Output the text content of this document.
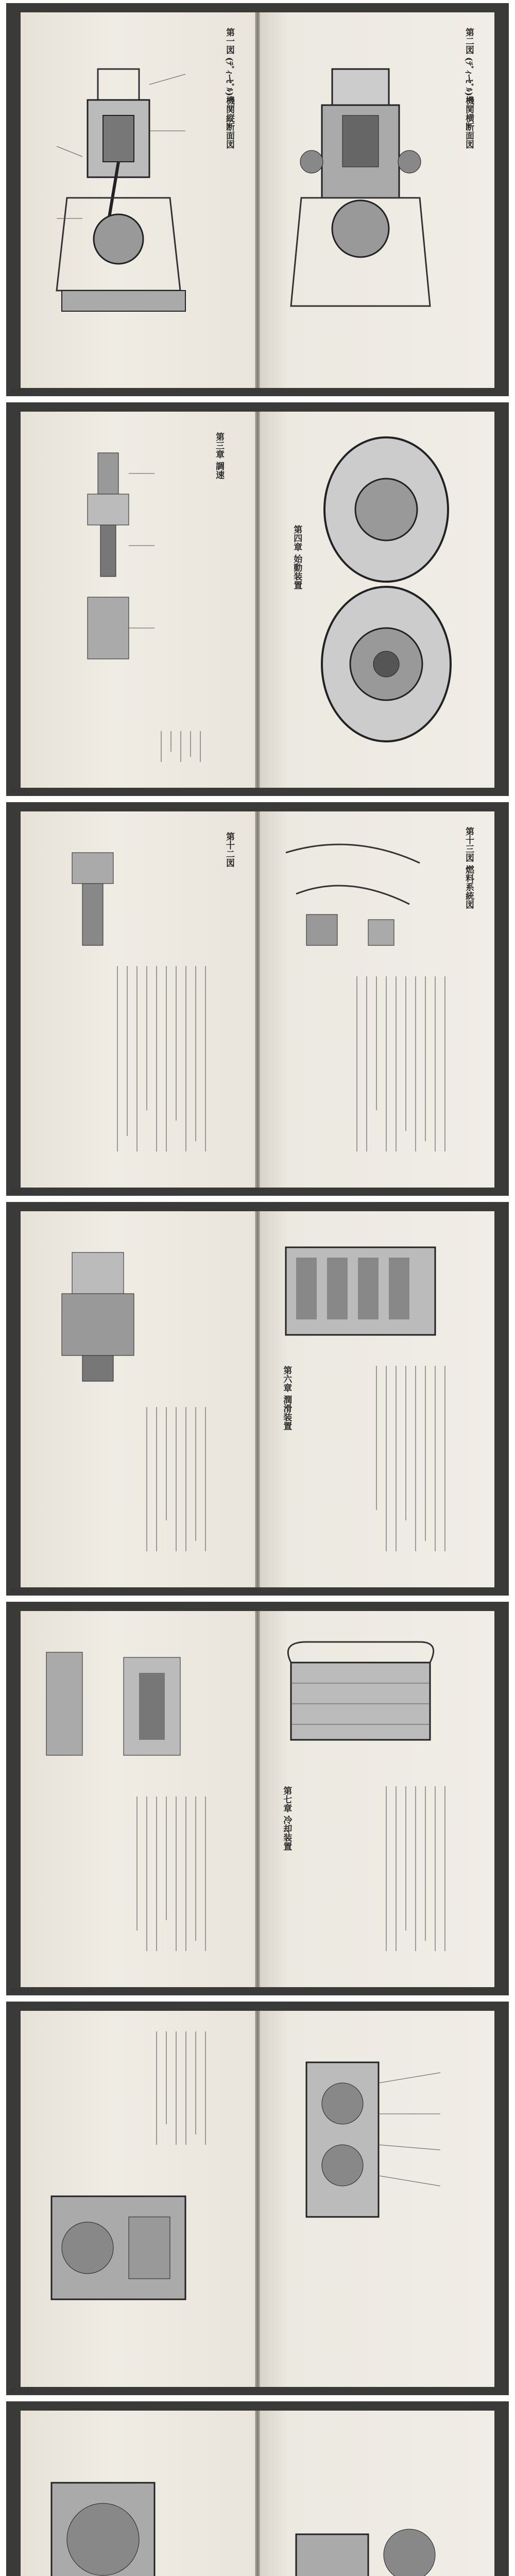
第一図 (ﾃﾞｨｰｾﾞﾙ)機関縦断面図	第二図 (ﾃﾞｨｰｾﾞﾙ)機関横断面図
写真(1)
第三章 調速
第四章 始動装置
写真(2)
第十二図	第十三図 燃料系統図
写真(3)
第六章 潤滑装置
写真(4)
第七章 冷却装置
写真(5)
写真(6)
